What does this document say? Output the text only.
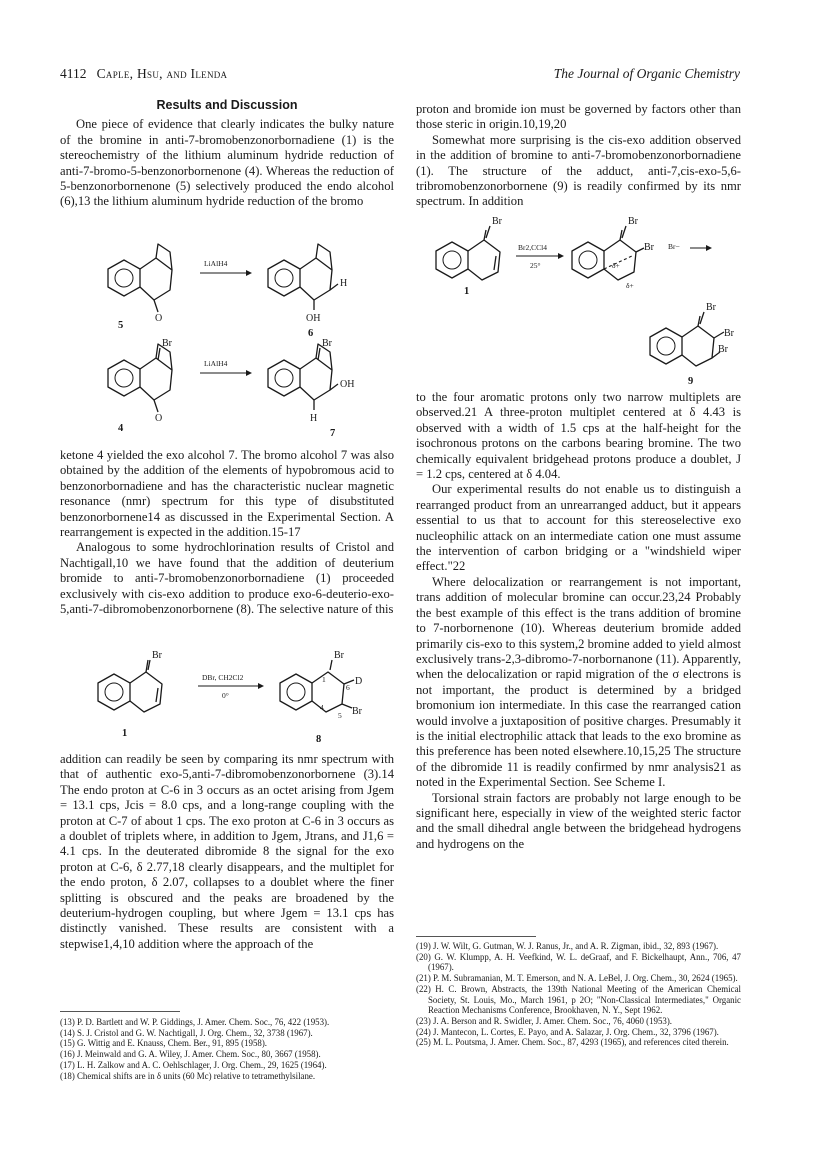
4112 Caple, Hsu, and Ilenda	The Journal of Organic Chemistry
Results and Discussion

One piece of evidence that clearly indicates the bulky nature of the bromine in anti-7-bromobenzonorbornadiene (1) is the stereochemistry of the lithium aluminum hydride reduction of anti-7-bromo-5-benzonorbornenone (4). Whereas the reduction of 5-benzonorbornenone (5) selectively produced the endo alcohol (6),13 the lithium aluminum hydride reduction of the bromo

O
5
LiAlH4
H
OH
6
Br
O
4
LiAlH4
Br
OH
H
7

ketone 4 yielded the exo alcohol 7. The bromo alcohol 7 was also obtained by the addition of the elements of hypobromous acid to benzonorbornadiene and has the characteristic nuclear magnetic resonance (nmr) spectrum for this type of disubstituted benzonorbornene14 as discussed in the Experimental Section. A rearrangement is expected in the addition.15-17

Analogous to some hydrochlorination results of Cristol and Nachtigall,10 we have found that the addition of deuterium bromide to anti-7-bromobenzonorbornadiene (1) proceeded exclusively with cis-exo addition to produce exo-6-deuterio-exo-5,anti-7-dibromobenzonorbornene (8). The selective nature of this

Br
1
DBr, CH2Cl2
0°
Br
D
Br
1
4
5
6
8

addition can readily be seen by comparing its nmr spectrum with that of authentic exo-5,anti-7-dibromobenzonorbornene (3).14 The endo proton at C-6 in 3 occurs as an octet arising from Jgem = 13.1 cps, Jcis = 8.0 cps, and a long-range coupling with the proton at C-7 of about 1 cps. The exo proton at C-6 in 3 occurs as a doublet of triplets where, in addition to Jgem, Jtrans, and J1,6 = 4.1 cps. In the deuterated dibromide 8 the signal for the exo proton at C-6, δ 2.77,18 clearly disappears, and the multiplet for the endo proton, δ 2.07, collapses to a doublet where the finer splitting is obscured and the peaks are broadened by the deuterium-hydrogen coupling, but where Jgem = 13.1 cps has distinctly vanished. These results are consistent with a stepwise1,4,10 addition where the approach of the

(13) P. D. Bartlett and W. P. Giddings, J. Amer. Chem. Soc., 76, 422 (1953).

(14) S. J. Cristol and G. W. Nachtigall, J. Org. Chem., 32, 3738 (1967).

(15) G. Wittig and E. Knauss, Chem. Ber., 91, 895 (1958).

(16) J. Meinwald and G. A. Wiley, J. Amer. Chem. Soc., 80, 3667 (1958).

(17) L. H. Zalkow and A. C. Oehlschlager, J. Org. Chem., 29, 1625 (1964).

(18) Chemical shifts are in δ units (60 Mc) relative to tetramethylsilane.

proton and bromide ion must be governed by factors other than those steric in origin.10,19,20

Somewhat more surprising is the cis-exo addition observed in the addition of bromine to anti-7-bromobenzonorbornadiene (1). The structure of the adduct, anti-7,cis-exo-5,6-tribromobenzonorbornene (9) is readily confirmed by its nmr spectrum. In addition

Br
1
Br2,CCl4
25°
Br
Br
δ+
δ+
Br−
Br
Br
Br
9

to the four aromatic protons only two narrow multiplets are observed.21 A three-proton multiplet centered at δ 4.43 is observed with a width of 1.5 cps at the half-height for the isochronous protons on the carbons bearing bromine. The two chemically equivalent bridgehead protons produce a doublet, J = 1.2 cps, centered at δ 4.04.

Our experimental results do not enable us to distinguish a rearranged product from an unrearranged adduct, but it appears essential to us that to account for this stereoselective exo nucleophilic attack on an intermediate cation one must assume the intervention of carbon bridging or a "windshield wiper effect."22

Where delocalization or rearrangement is not important, trans addition of molecular bromine can occur.23,24 Probably the best example of this effect is the trans addition of bromine to 7-norbornenone (10). Whereas deuterium bromide added primarily cis-exo to this system,2 bromine added to yield almost exclusively trans-2,3-dibromo-7-norbornanone (11). Apparently, when the delocalization or rapid migration of the σ electrons is not important, the product is determined by a bridged bromonium ion intermediate. In this case the rearranged cation would involve a juxtaposition of positive charges. Presumably it is the initial electrophilic attack that leads to the exo bromine as this preference has been noted elsewhere.10,15,25 The structure of the dibromide 11 is readily confirmed by nmr analysis21 as noted in the Experimental Section. See Scheme I.

Torsional strain factors are probably not large enough to be significant here, especially in view of the weighted steric factor and the small dihedral angle between the bridgehead hydrogens and hydrogens on the

(19) J. W. Wilt, G. Gutman, W. J. Ranus, Jr., and A. R. Zigman, ibid., 32, 893 (1967).

(20) G. W. Klumpp, A. H. Veefkind, W. L. deGraaf, and F. Bickelhaupt, Ann., 706, 47 (1967).

(21) P. M. Subramanian, M. T. Emerson, and N. A. LeBel, J. Org. Chem., 30, 2624 (1965).

(22) H. C. Brown, Abstracts, the 139th National Meeting of the American Chemical Society, St. Louis, Mo., March 1961, p 2O; "Non-Classical Intermediates," Organic Reaction Mechanisms Conference, Brookhaven, N. Y., Sept 1962.

(23) J. A. Berson and R. Swidler, J. Amer. Chem. Soc., 76, 4060 (1953).

(24) J. Mantecon, L. Cortes, E. Payo, and A. Salazar, J. Org. Chem., 32, 3796 (1967).

(25) M. L. Poutsma, J. Amer. Chem. Soc., 87, 4293 (1965), and references cited therein.
